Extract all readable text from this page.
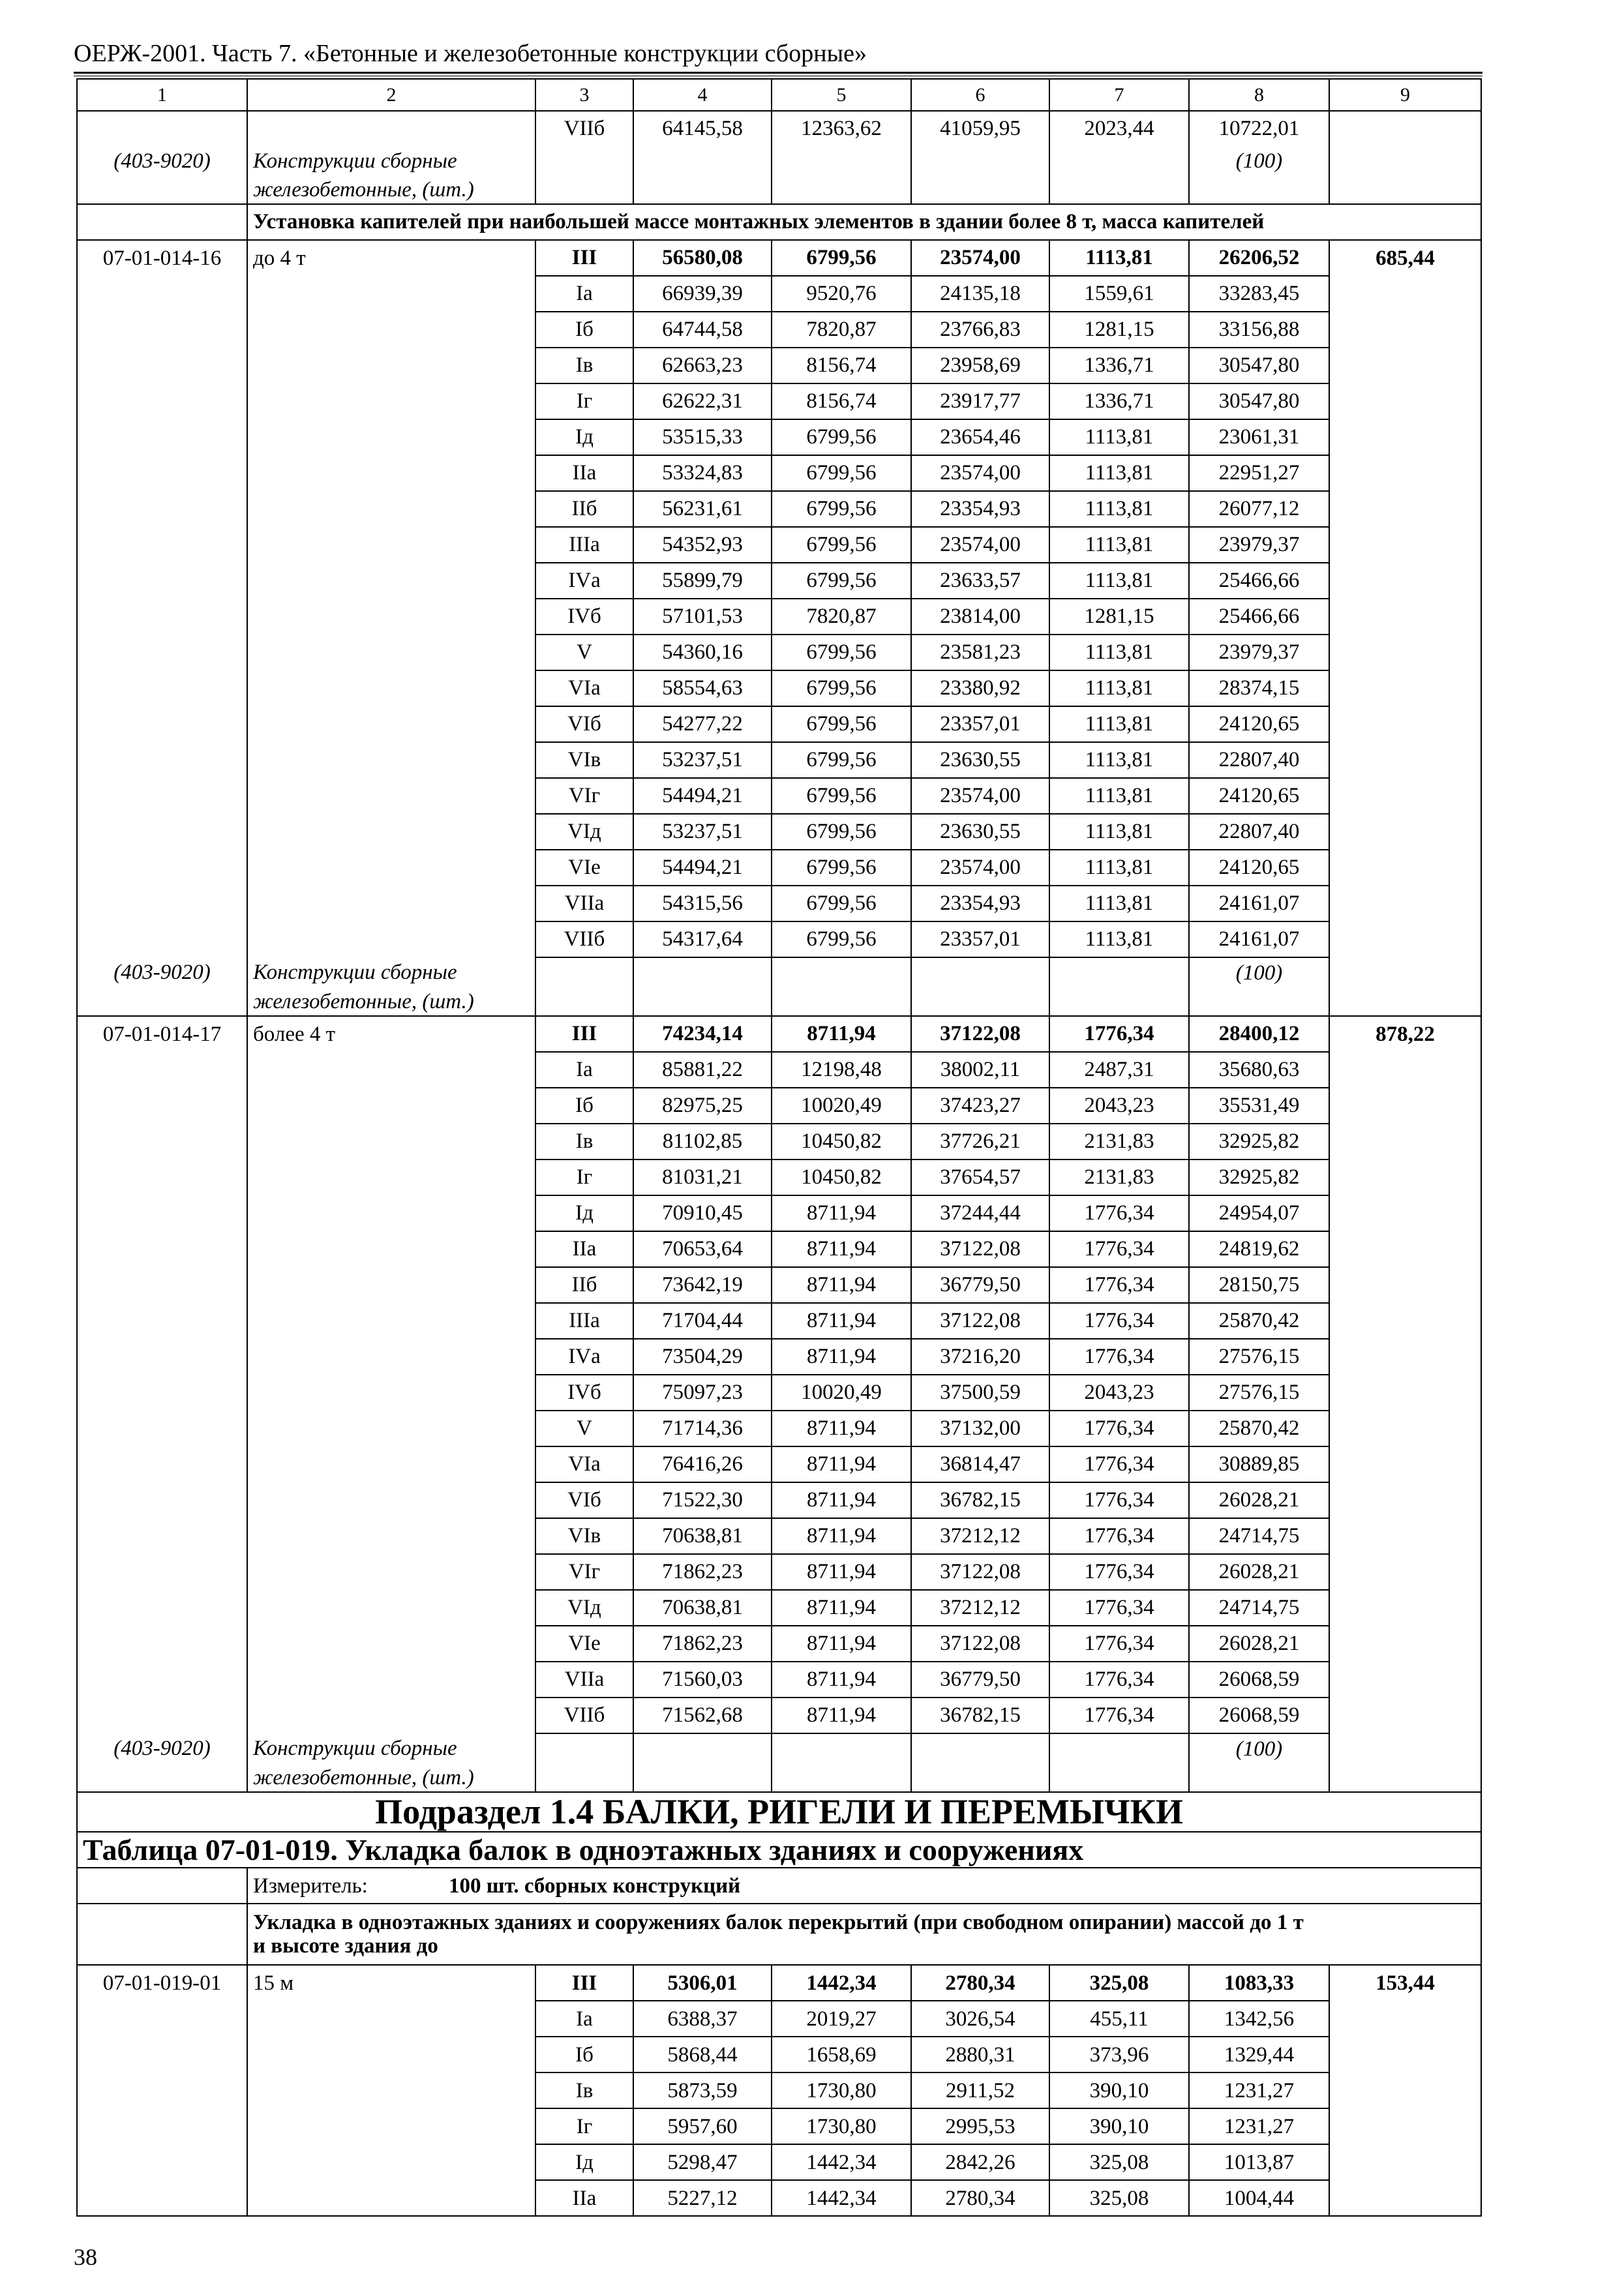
ОЕРЖ-2001. Часть 7. «Бетонные и железобетонные конструкции сборные»
1	2	3	4	5	6	7	8	9
		VIIб	64145,58	12363,62	41059,95	2023,44	10722,01	
(403-9020)	Конструкции сборные						(100)	
	железобетонные, (шт.)							
	Установка капителей при наибольшей массе монтажных элементов в здании более 8 т, масса капителей							
07-01-014-16	до 4 т	III	56580,08	6799,56	23574,00	1113,81	26206,52	685,44
		Iа	66939,39	9520,76	24135,18	1559,61	33283,45	
		Iб	64744,58	7820,87	23766,83	1281,15	33156,88	
		Iв	62663,23	8156,74	23958,69	1336,71	30547,80	
		Iг	62622,31	8156,74	23917,77	1336,71	30547,80	
		Iд	53515,33	6799,56	23654,46	1113,81	23061,31	
		IIа	53324,83	6799,56	23574,00	1113,81	22951,27	
		IIб	56231,61	6799,56	23354,93	1113,81	26077,12	
		IIIа	54352,93	6799,56	23574,00	1113,81	23979,37	
		IVа	55899,79	6799,56	23633,57	1113,81	25466,66	
		IVб	57101,53	7820,87	23814,00	1281,15	25466,66	
		V	54360,16	6799,56	23581,23	1113,81	23979,37	
		VIа	58554,63	6799,56	23380,92	1113,81	28374,15	
		VIб	54277,22	6799,56	23357,01	1113,81	24120,65	
		VIв	53237,51	6799,56	23630,55	1113,81	22807,40	
		VIг	54494,21	6799,56	23574,00	1113,81	24120,65	
		VIд	53237,51	6799,56	23630,55	1113,81	22807,40	
		VIе	54494,21	6799,56	23574,00	1113,81	24120,65	
		VIIа	54315,56	6799,56	23354,93	1113,81	24161,07	
		VIIб	54317,64	6799,56	23357,01	1113,81	24161,07	
(403-9020)	Конструкции сборные						(100)	
	железобетонные, (шт.)							
07-01-014-17	более 4 т	III	74234,14	8711,94	37122,08	1776,34	28400,12	878,22
		Iа	85881,22	12198,48	38002,11	2487,31	35680,63	
		Iб	82975,25	10020,49	37423,27	2043,23	35531,49	
		Iв	81102,85	10450,82	37726,21	2131,83	32925,82	
		Iг	81031,21	10450,82	37654,57	2131,83	32925,82	
		Iд	70910,45	8711,94	37244,44	1776,34	24954,07	
		IIа	70653,64	8711,94	37122,08	1776,34	24819,62	
		IIб	73642,19	8711,94	36779,50	1776,34	28150,75	
		IIIа	71704,44	8711,94	37122,08	1776,34	25870,42	
		IVа	73504,29	8711,94	37216,20	1776,34	27576,15	
		IVб	75097,23	10020,49	37500,59	2043,23	27576,15	
		V	71714,36	8711,94	37132,00	1776,34	25870,42	
		VIа	76416,26	8711,94	36814,47	1776,34	30889,85	
		VIб	71522,30	8711,94	36782,15	1776,34	26028,21	
		VIв	70638,81	8711,94	37212,12	1776,34	24714,75	
		VIг	71862,23	8711,94	37122,08	1776,34	26028,21	
		VIд	70638,81	8711,94	37212,12	1776,34	24714,75	
		VIе	71862,23	8711,94	37122,08	1776,34	26028,21	
		VIIа	71560,03	8711,94	36779,50	1776,34	26068,59	
		VIIб	71562,68	8711,94	36782,15	1776,34	26068,59	
(403-9020)	Конструкции сборные						(100)	
	железобетонные, (шт.)							
Подраздел 1.4 БАЛКИ, РИГЕЛИ И ПЕРЕМЫЧКИ								
Таблица 07-01-019. Укладка балок в одноэтажных зданиях и сооружениях								
	Измеритель: 100 шт. сборных конструкций							

	Укладка в одноэтажных зданиях и сооружениях балок перекрытий (при свободном опирании) массой до 1 т
и высоте здания до							

07-01-019-01	15 м	III	5306,01	1442,34	2780,34	325,08	1083,33	153,44
		Iа	6388,37	2019,27	3026,54	455,11	1342,56	
		Iб	5868,44	1658,69	2880,31	373,96	1329,44	
		Iв	5873,59	1730,80	2911,52	390,10	1231,27	
		Iг	5957,60	1730,80	2995,53	390,10	1231,27	
		Iд	5298,47	1442,34	2842,26	325,08	1013,87	
		IIа	5227,12	1442,34	2780,34	325,08	1004,44	
38
